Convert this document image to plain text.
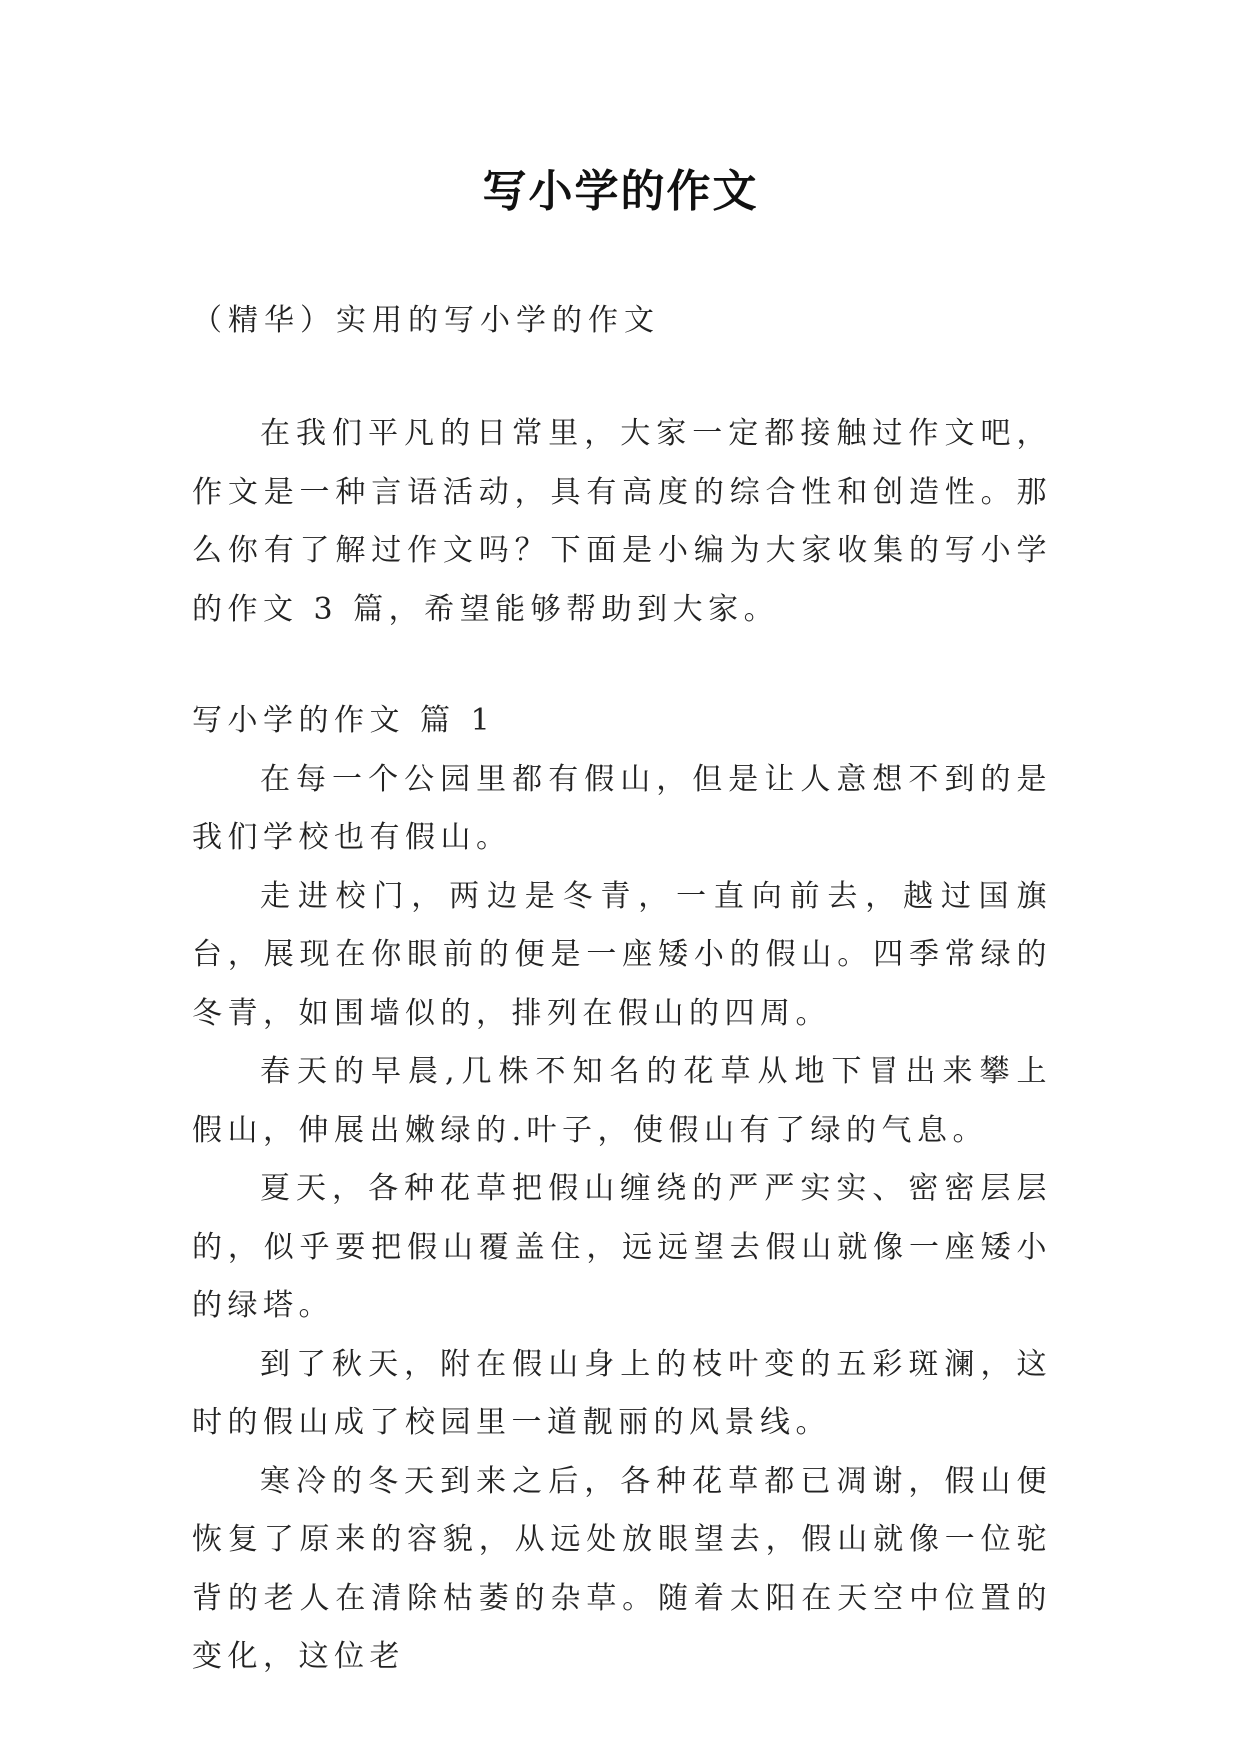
写小学的作文
（精华）实用的写小学的作文

在我们平凡的日常里，大家一定都接触过作文吧，作文是一种言语活动，具有高度的综合性和创造性。那么你有了解过作文吗？下面是小编为大家收集的写小学的作文 3 篇，希望能够帮助到大家。

写小学的作文 篇 1

在每一个公园里都有假山，但是让人意想不到的是我们学校也有假山。

走进校门，两边是冬青，一直向前去，越过国旗台，展现在你眼前的便是一座矮小的假山。四季常绿的冬青，如围墙似的，排列在假山的四周。

春天的早晨,几株不知名的花草从地下冒出来攀上假山，伸展出嫩绿的.叶子，使假山有了绿的气息。

夏天，各种花草把假山缠绕的严严实实、密密层层的，似乎要把假山覆盖住，远远望去假山就像一座矮小的绿塔。

到了秋天，附在假山身上的枝叶变的五彩斑澜，这时的假山成了校园里一道靓丽的风景线。

寒冷的冬天到来之后，各种花草都已凋谢，假山便恢复了原来的容貌，从远处放眼望去，假山就像一位驼背的老人在清除枯萎的杂草。随着太阳在天空中位置的变化，这位老
